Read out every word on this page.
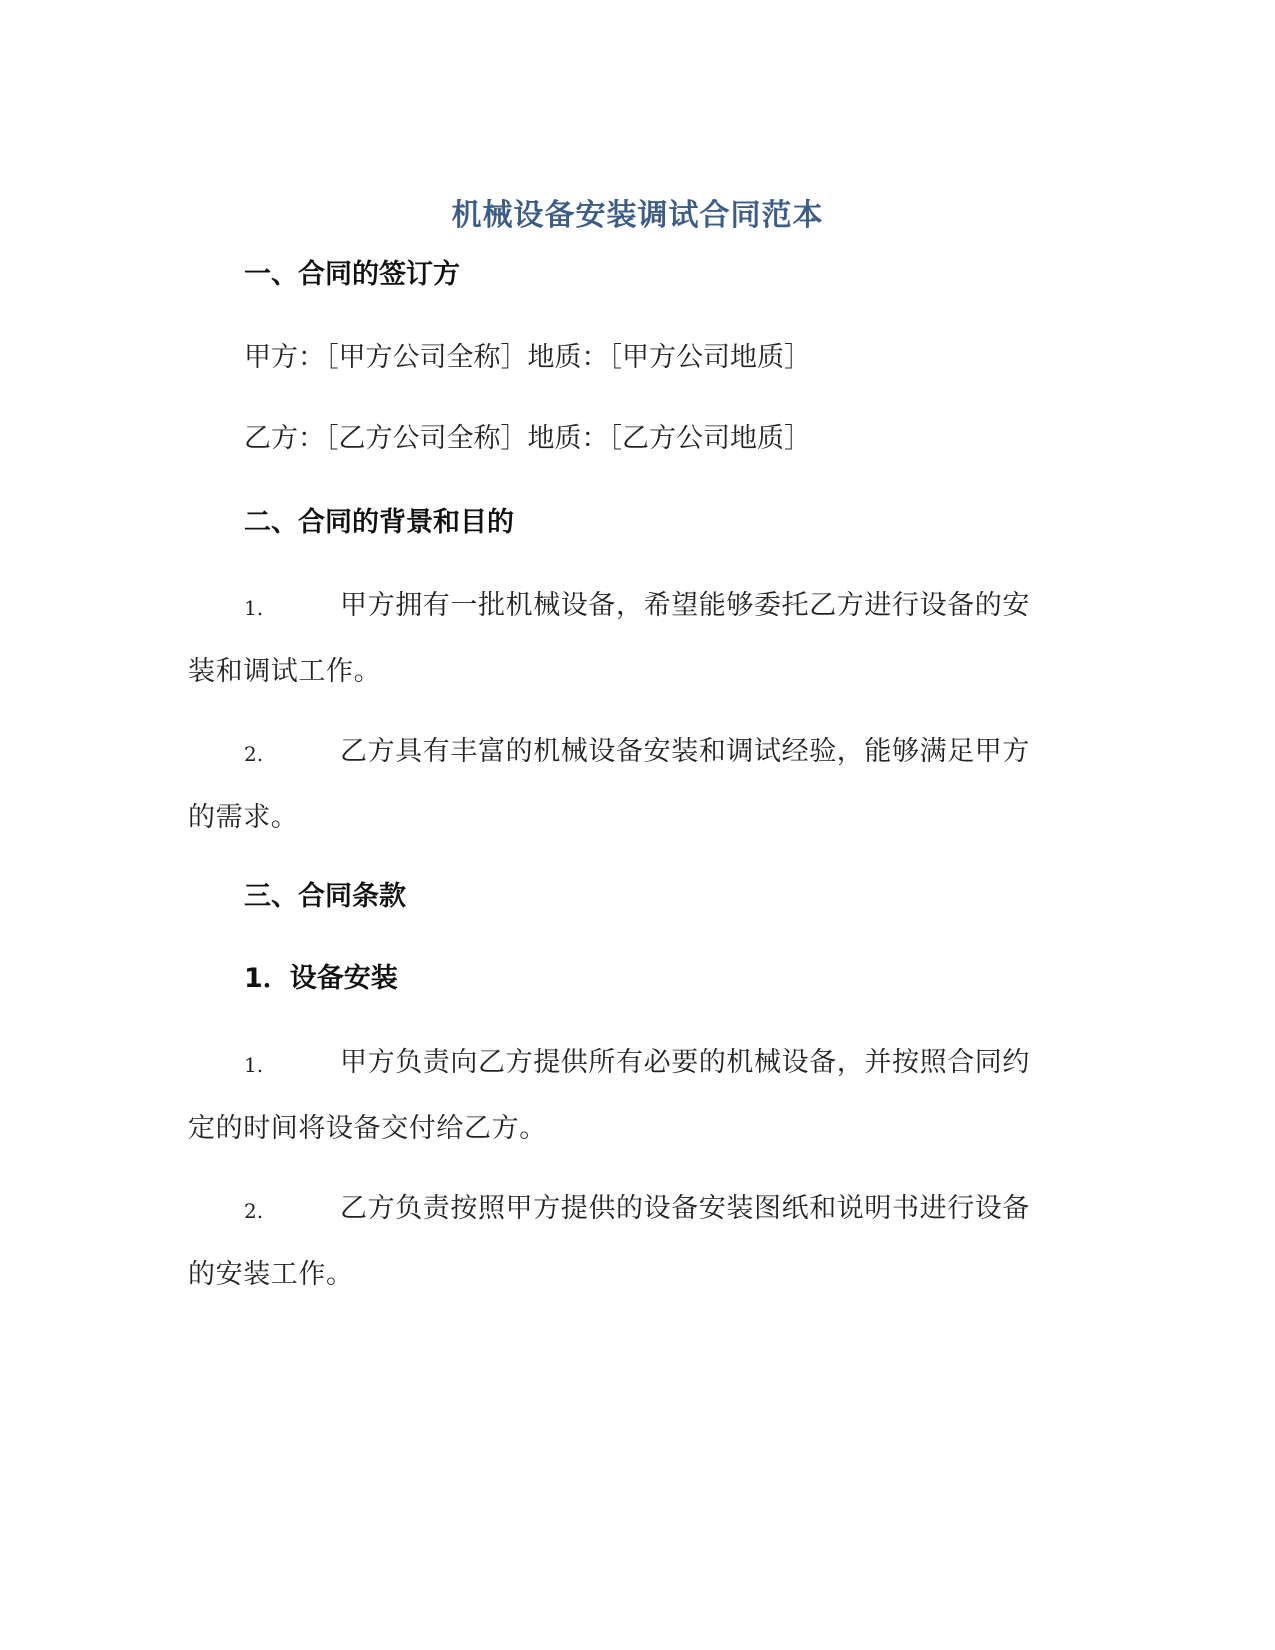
机械设备安装调试合同范本
一、合同的签订方
甲方：［甲方公司全称］地质：［甲方公司地质］
乙方：［乙方公司全称］地质：［乙方公司地质］
二、合同的背景和目的
1.	甲方拥有一批机械设备，希望能够委托乙方进行设备的安
装和调试工作。
2.	乙方具有丰富的机械设备安装和调试经验，能够满足甲方
的需求。
三、合同条款
1．设备安装
1.	甲方负责向乙方提供所有必要的机械设备，并按照合同约
定的时间将设备交付给乙方。
2.	乙方负责按照甲方提供的设备安装图纸和说明书进行设备
的安装工作。
